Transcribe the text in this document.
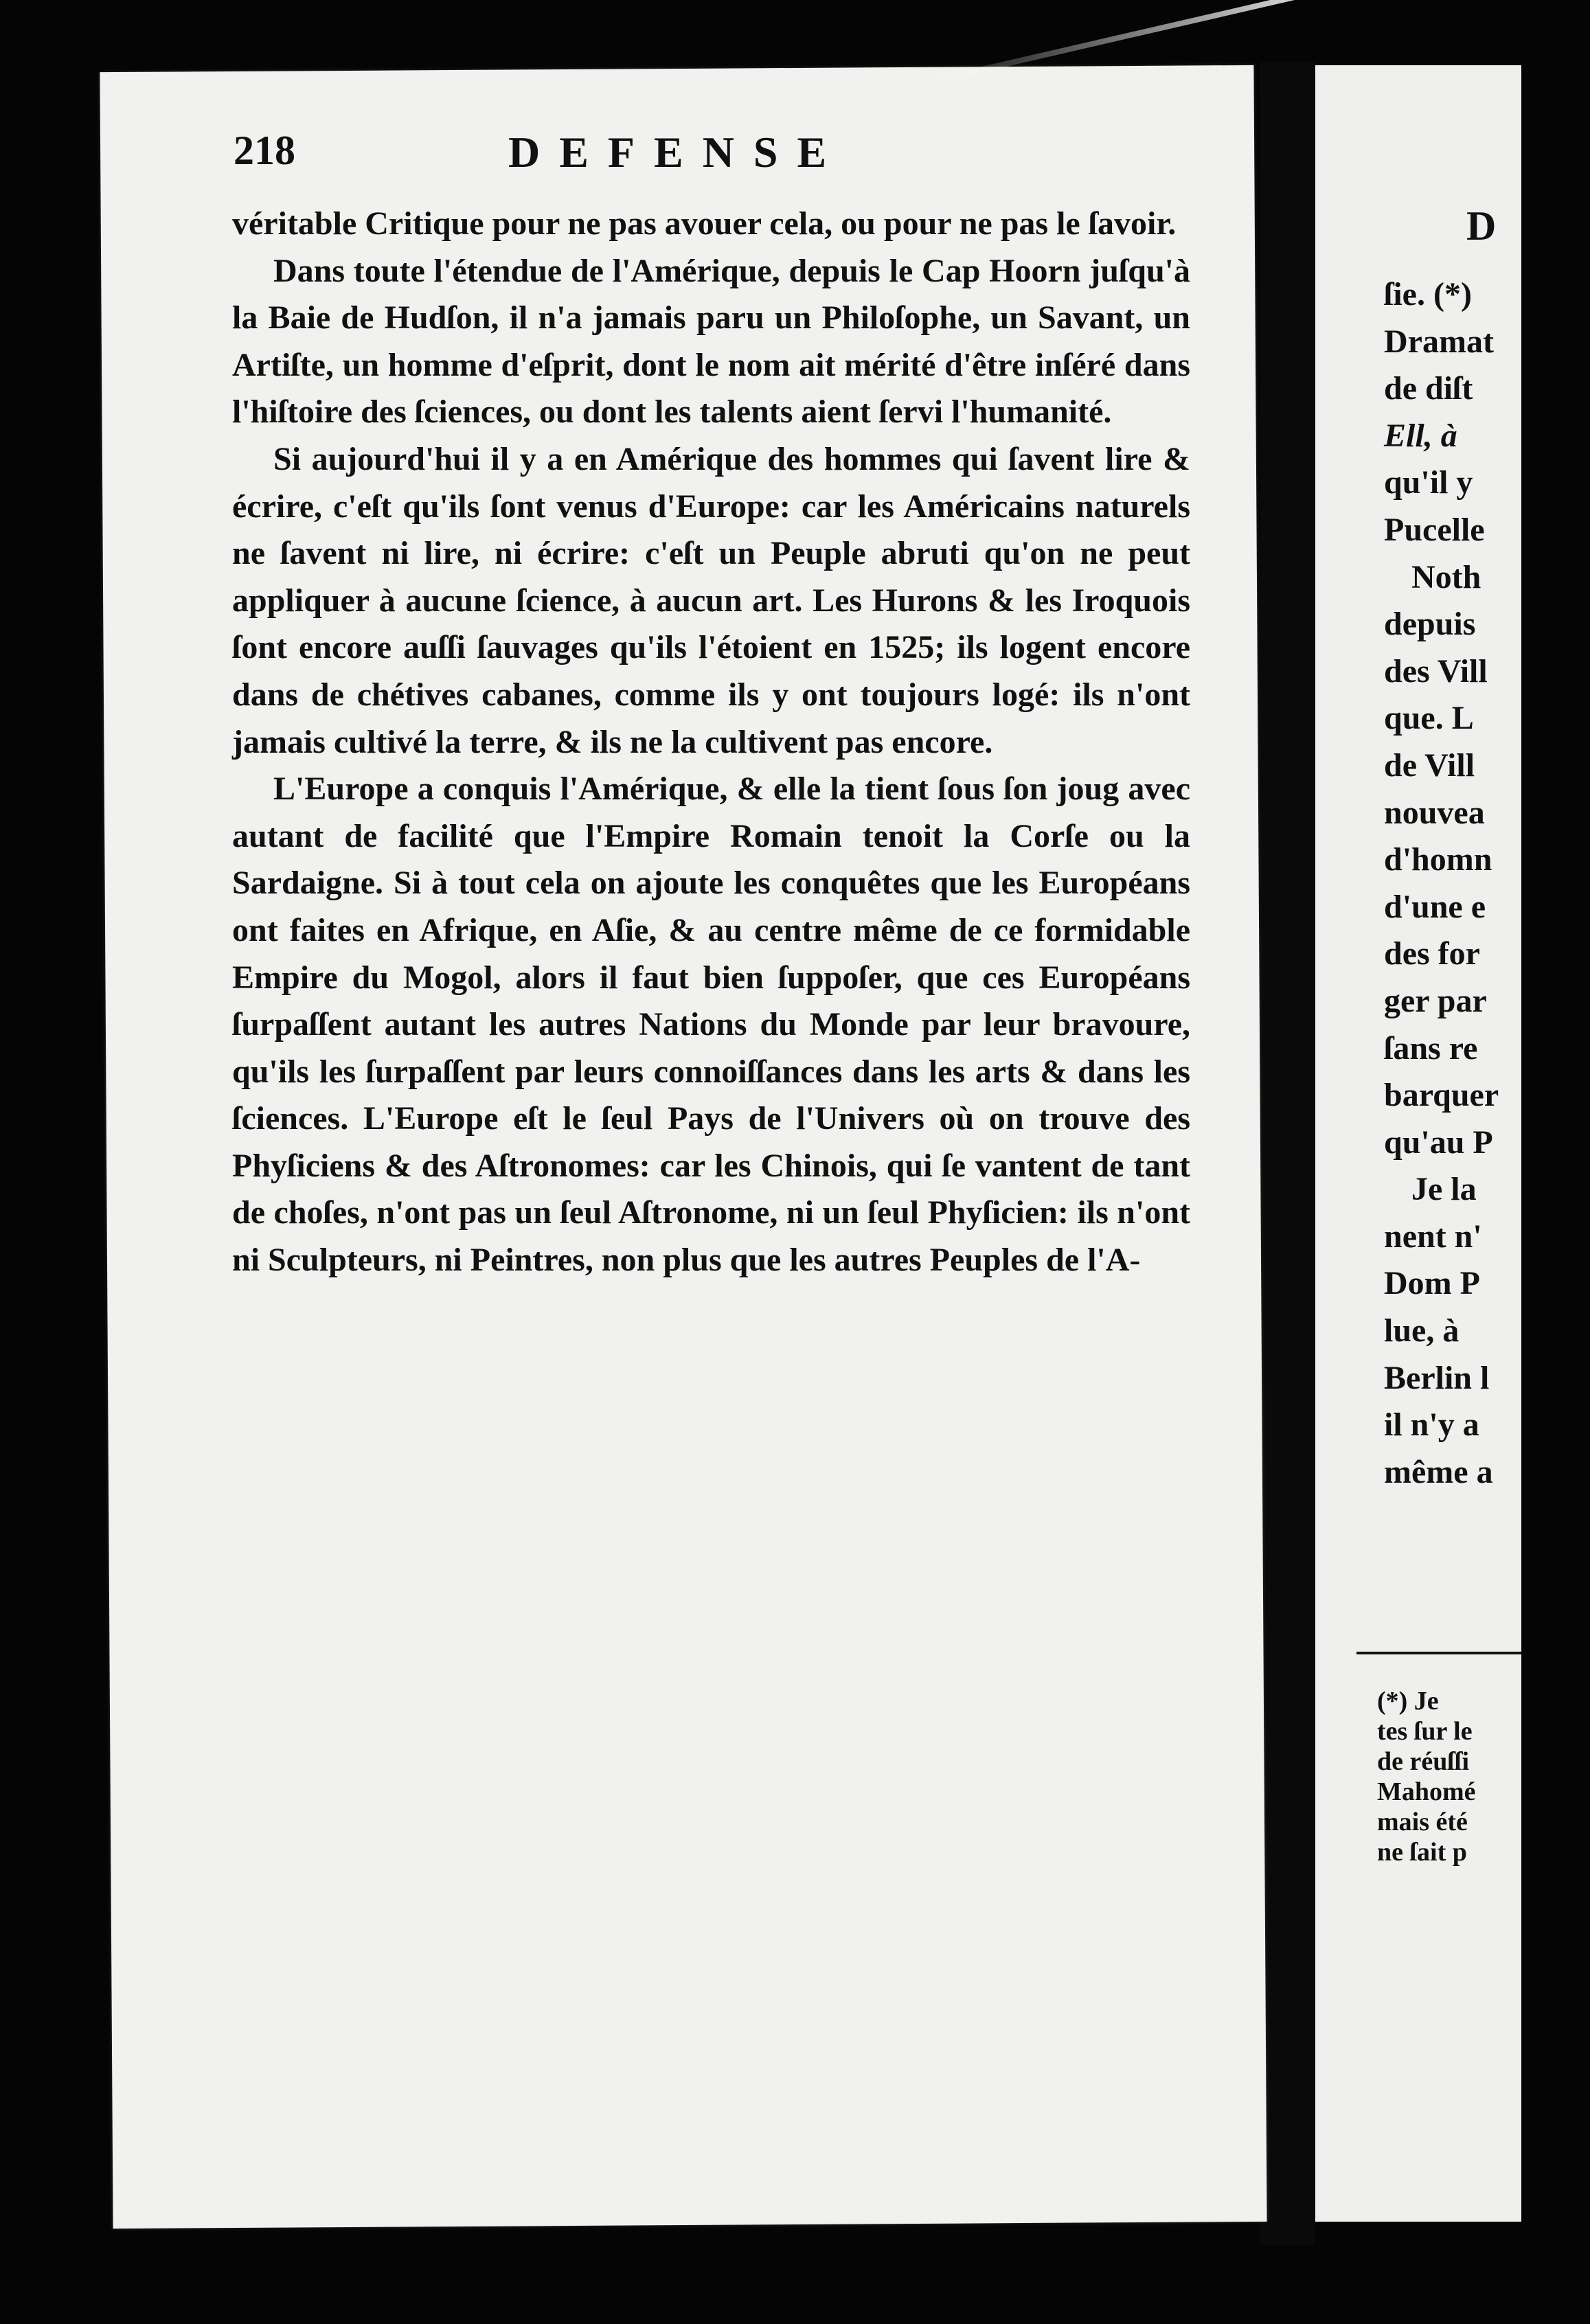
218	DEFENSE

véritable Critique pour ne pas avouer cela, ou pour ne pas le ſavoir.

Dans toute l'étendue de l'Amérique, depuis le Cap Hoorn juſqu'à la Baie de Hudſon, il n'a jamais paru un Philoſophe, un Savant, un Artiſte, un homme d'eſprit, dont le nom ait mérité d'être inſéré dans l'hiſtoire des ſciences, ou dont les talents aient ſervi l'humanité.

Si aujourd'hui il y a en Amérique des hommes qui ſavent lire & écrire, c'eſt qu'ils ſont venus d'Europe: car les Américains naturels ne ſavent ni lire, ni écrire: c'eſt un Peuple abruti qu'on ne peut appliquer à aucune ſcience, à aucun art. Les Hurons & les Iroquois ſont encore auſſi ſauvages qu'ils l'étoient en 1525; ils logent encore dans de chétives cabanes, comme ils y ont toujours logé: ils n'ont jamais cultivé la terre, & ils ne la cultivent pas encore.

L'Europe a conquis l'Amérique, & elle la tient ſous ſon joug avec autant de facilité que l'Empire Romain tenoit la Corſe ou la Sardaigne. Si à tout cela on ajoute les conquêtes que les Européans ont faites en Afrique, en Aſie, & au centre même de ce formidable Empire du Mogol, alors il faut bien ſuppoſer, que ces Européans ſurpaſſent autant les autres Nations du Monde par leur bravoure, qu'ils les ſurpaſſent par leurs connoiſſances dans les arts & dans les ſciences. L'Europe eſt le ſeul Pays de l'Univers où on trouve des Phyſiciens & des Aſtronomes: car les Chinois, qui ſe vantent de tant de choſes, n'ont pas un ſeul Aſtronome, ni un ſeul Phyſicien: ils n'ont ni Sculpteurs, ni Peintres, non plus que les autres Peuples de l'A-

D
ſie. (*)
Dramat
de diſt
Ell, à
qu'il y
Pucelle
Noth
depuis
des Vill
que. L
de Vill
nouvea
d'homn
d'une e
des for
ger par
ſans re
barquer
qu'au P
Je la
nent n'
Dom P
lue, à
Berlin l
il n'y a
même a
(*) Je
tes ſur le
de réuſſi
Mahomé
mais été
ne ſait p
